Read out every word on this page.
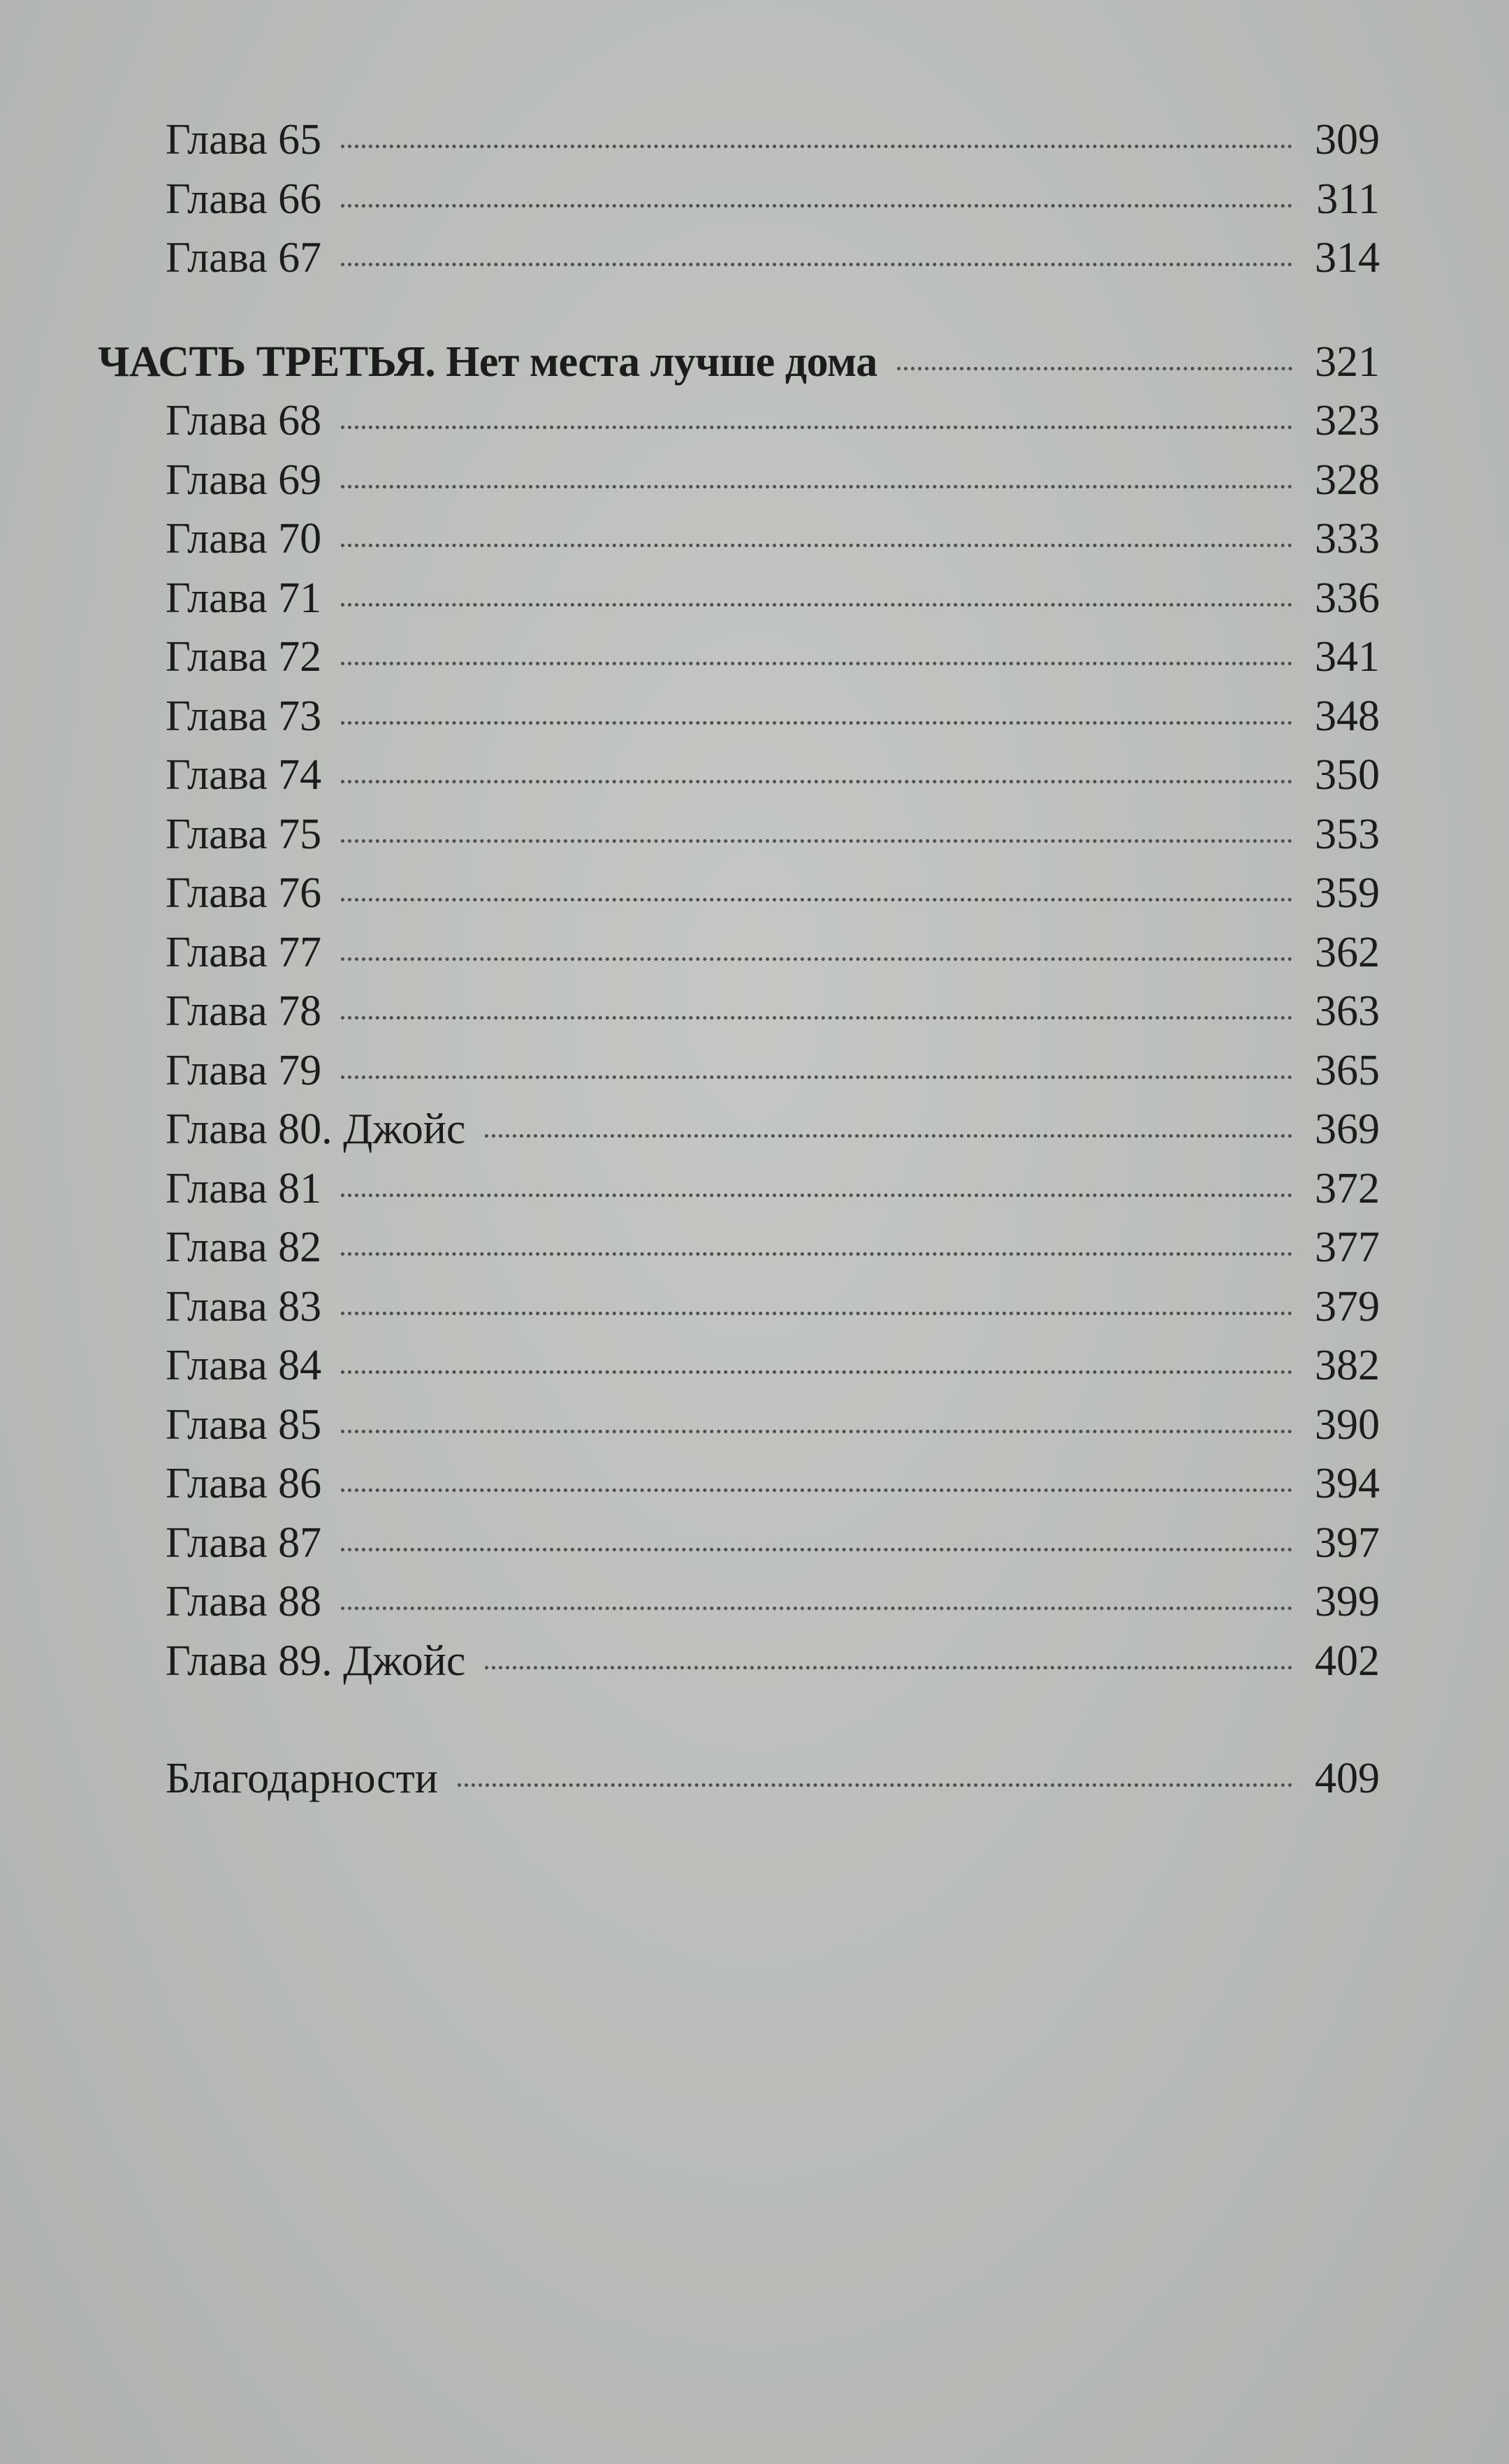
Глава 65	309
Глава 66	311
Глава 67	314
ЧАСТЬ ТРЕТЬЯ. Нет места лучше дома	321
Глава 68	323
Глава 69	328
Глава 70	333
Глава 71	336
Глава 72	341
Глава 73	348
Глава 74	350
Глава 75	353
Глава 76	359
Глава 77	362
Глава 78	363
Глава 79	365
Глава 80. Джойс	369
Глава 81	372
Глава 82	377
Глава 83	379
Глава 84	382
Глава 85	390
Глава 86	394
Глава 87	397
Глава 88	399
Глава 89. Джойс	402
Благодарности	409
